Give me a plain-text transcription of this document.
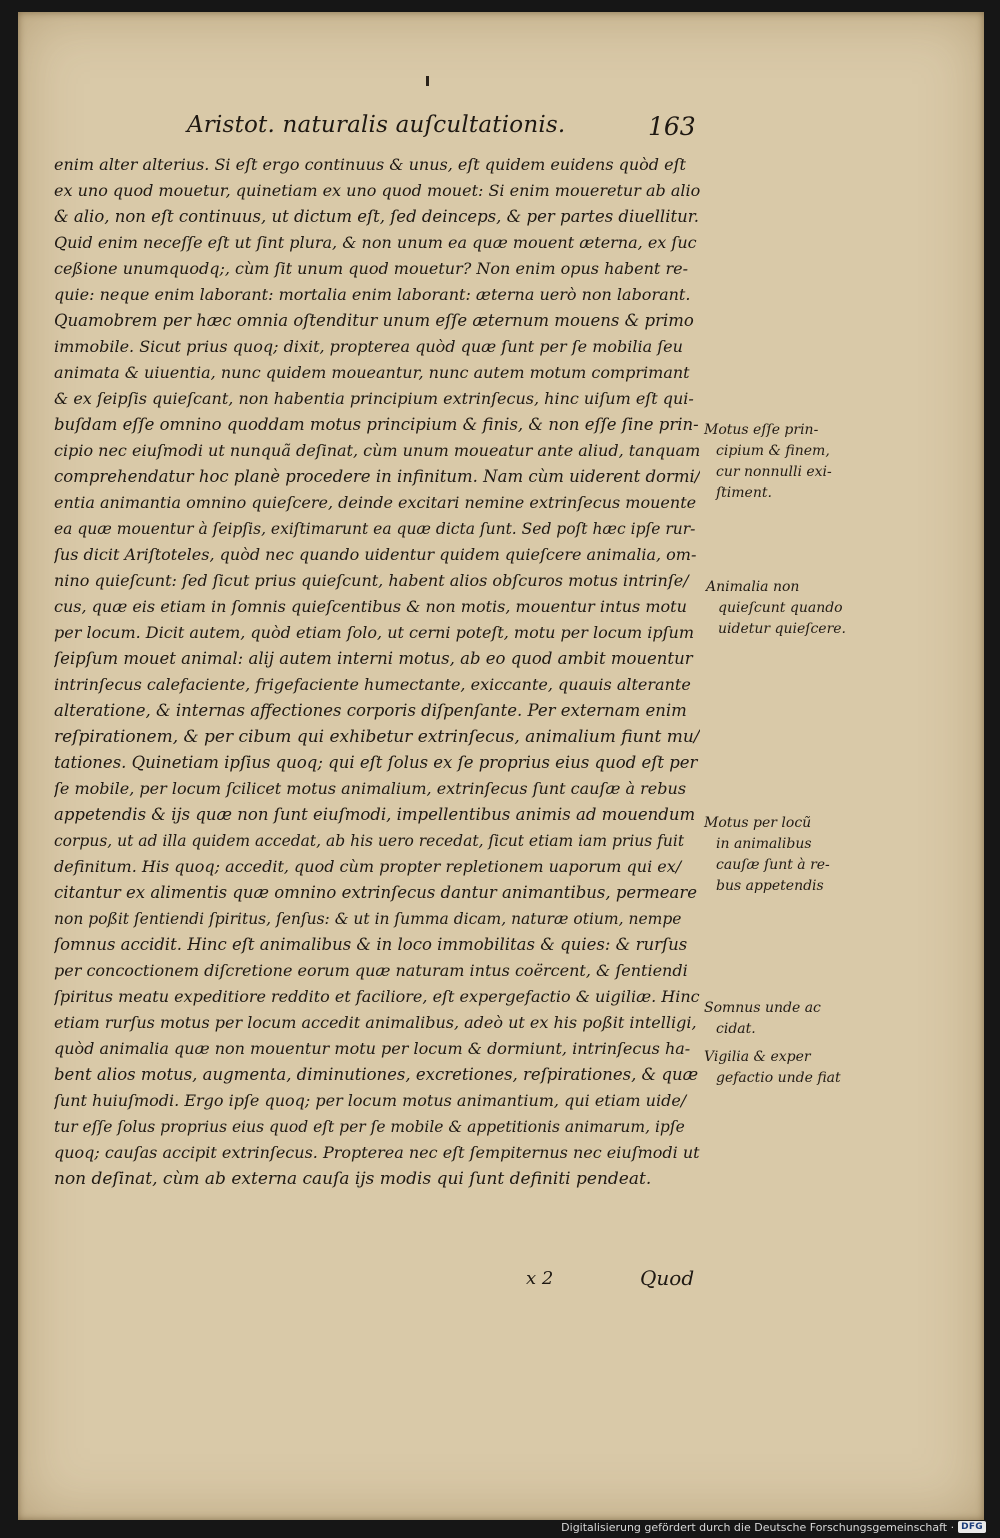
Aristot. naturalis auſcultationis.	163
enim alter alterius. Si eſt ergo continuus & unus, eſt quidem euidens quòd eſt
ex uno quod mouetur, quinetiam ex uno quod mouet: Si enim moueretur ab alio
& alio, non eſt continuus, ut dictum eſt, ſed deinceps, & per partes diuellitur.
Quid enim neceſſe eſt ut ſint plura, & non unum ea quæ mouent æterna, ex ſuc
ceßione unumquodq;, cùm ſit unum quod mouetur? Non enim opus habent re-
quie: neque enim laborant: mortalia enim laborant: æterna uerò non laborant.
Quamobrem per hæc omnia oſtenditur unum eſſe æternum mouens & primo
immobile. Sicut prius quoq; dixit, propterea quòd quæ ſunt per ſe mobilia ſeu
animata & uiuentia, nunc quidem moueantur, nunc autem motum comprimant
& ex ſeipſis quieſcant, non habentia principium extrinſecus, hinc uiſum eſt qui-
buſdam eſſe omnino quoddam motus principium & finis, & non eſſe ſine prin-
cipio nec eiuſmodi ut nunquã deſinat, cùm unum moueatur ante aliud, tanquam
comprehendatur hoc planè procedere in infinitum. Nam cùm uiderent dormi/
entia animantia omnino quieſcere, deinde excitari nemine extrinſecus mouente
ea quæ mouentur à ſeipſis, exiſtimarunt ea quæ dicta ſunt. Sed poſt hæc ipſe rur-
ſus dicit Ariſtoteles, quòd nec quando uidentur quidem quieſcere animalia, om-
nino quieſcunt: ſed ſicut prius quieſcunt, habent alios obſcuros motus intrinſe/
cus, quæ eis etiam in ſomnis quieſcentibus & non motis, mouentur intus motu
per locum. Dicit autem, quòd etiam ſolo, ut cerni poteſt, motu per locum ipſum
ſeipſum mouet animal: alij autem interni motus, ab eo quod ambit mouentur
intrinſecus calefaciente, frigefaciente humectante, exiccante, quauis alterante
alteratione, & internas affectiones corporis diſpenſante. Per externam enim
reſpirationem, & per cibum qui exhibetur extrinſecus, animalium fiunt mu/
tationes. Quinetiam ipſius quoq; qui eſt ſolus ex ſe proprius eius quod eſt per
ſe mobile, per locum ſcilicet motus animalium, extrinſecus ſunt cauſæ à rebus
appetendis & ijs quæ non ſunt eiuſmodi, impellentibus animis ad mouendum
corpus, ut ad illa quidem accedat, ab his uero recedat, ſicut etiam iam prius fuit
definitum. His quoq; accedit, quod cùm propter repletionem uaporum qui ex/
citantur ex alimentis quæ omnino extrinſecus dantur animantibus, permeare
non poßit ſentiendi ſpiritus, ſenſus: & ut in ſumma dicam, naturæ otium, nempe
ſomnus accidit. Hinc eſt animalibus & in loco immobilitas & quies: & rurſus
per concoctionem diſcretione eorum quæ naturam intus coërcent, & ſentiendi
ſpiritus meatu expeditiore reddito et faciliore, eſt expergefactio & uigiliæ. Hinc
etiam rurſus motus per locum accedit animalibus, adeò ut ex his poßit intelligi,
quòd animalia quæ non mouentur motu per locum & dormiunt, intrinſecus ha-
bent alios motus, augmenta, diminutiones, excretiones, reſpirationes, & quæ
ſunt huiuſmodi. Ergo ipſe quoq; per locum motus animantium, qui etiam uide/
tur eſſe ſolus proprius eius quod eſt per ſe mobile & appetitionis animarum, ipſe
quoq; cauſas accipit extrinſecus. Propterea nec eſt ſempiternus nec eiuſmodi ut
non deſinat, cùm ab externa cauſa ijs modis qui ſunt definiti pendeat.
Motus eſſe prin-
cipium & finem,
cur nonnulli exi-
ſtiment.
Animalia non
quieſcunt quando
uidetur quieſcere.
Motus per locũ
in animalibus
cauſæ ſunt à re-
bus appetendis
Somnus unde ac
cidat.
Vigilia & exper
gefactio unde fiat
x 2	Quod
Digitalisierung gefördert durch die Deutsche Forschungsgemeinschaft · DFG
